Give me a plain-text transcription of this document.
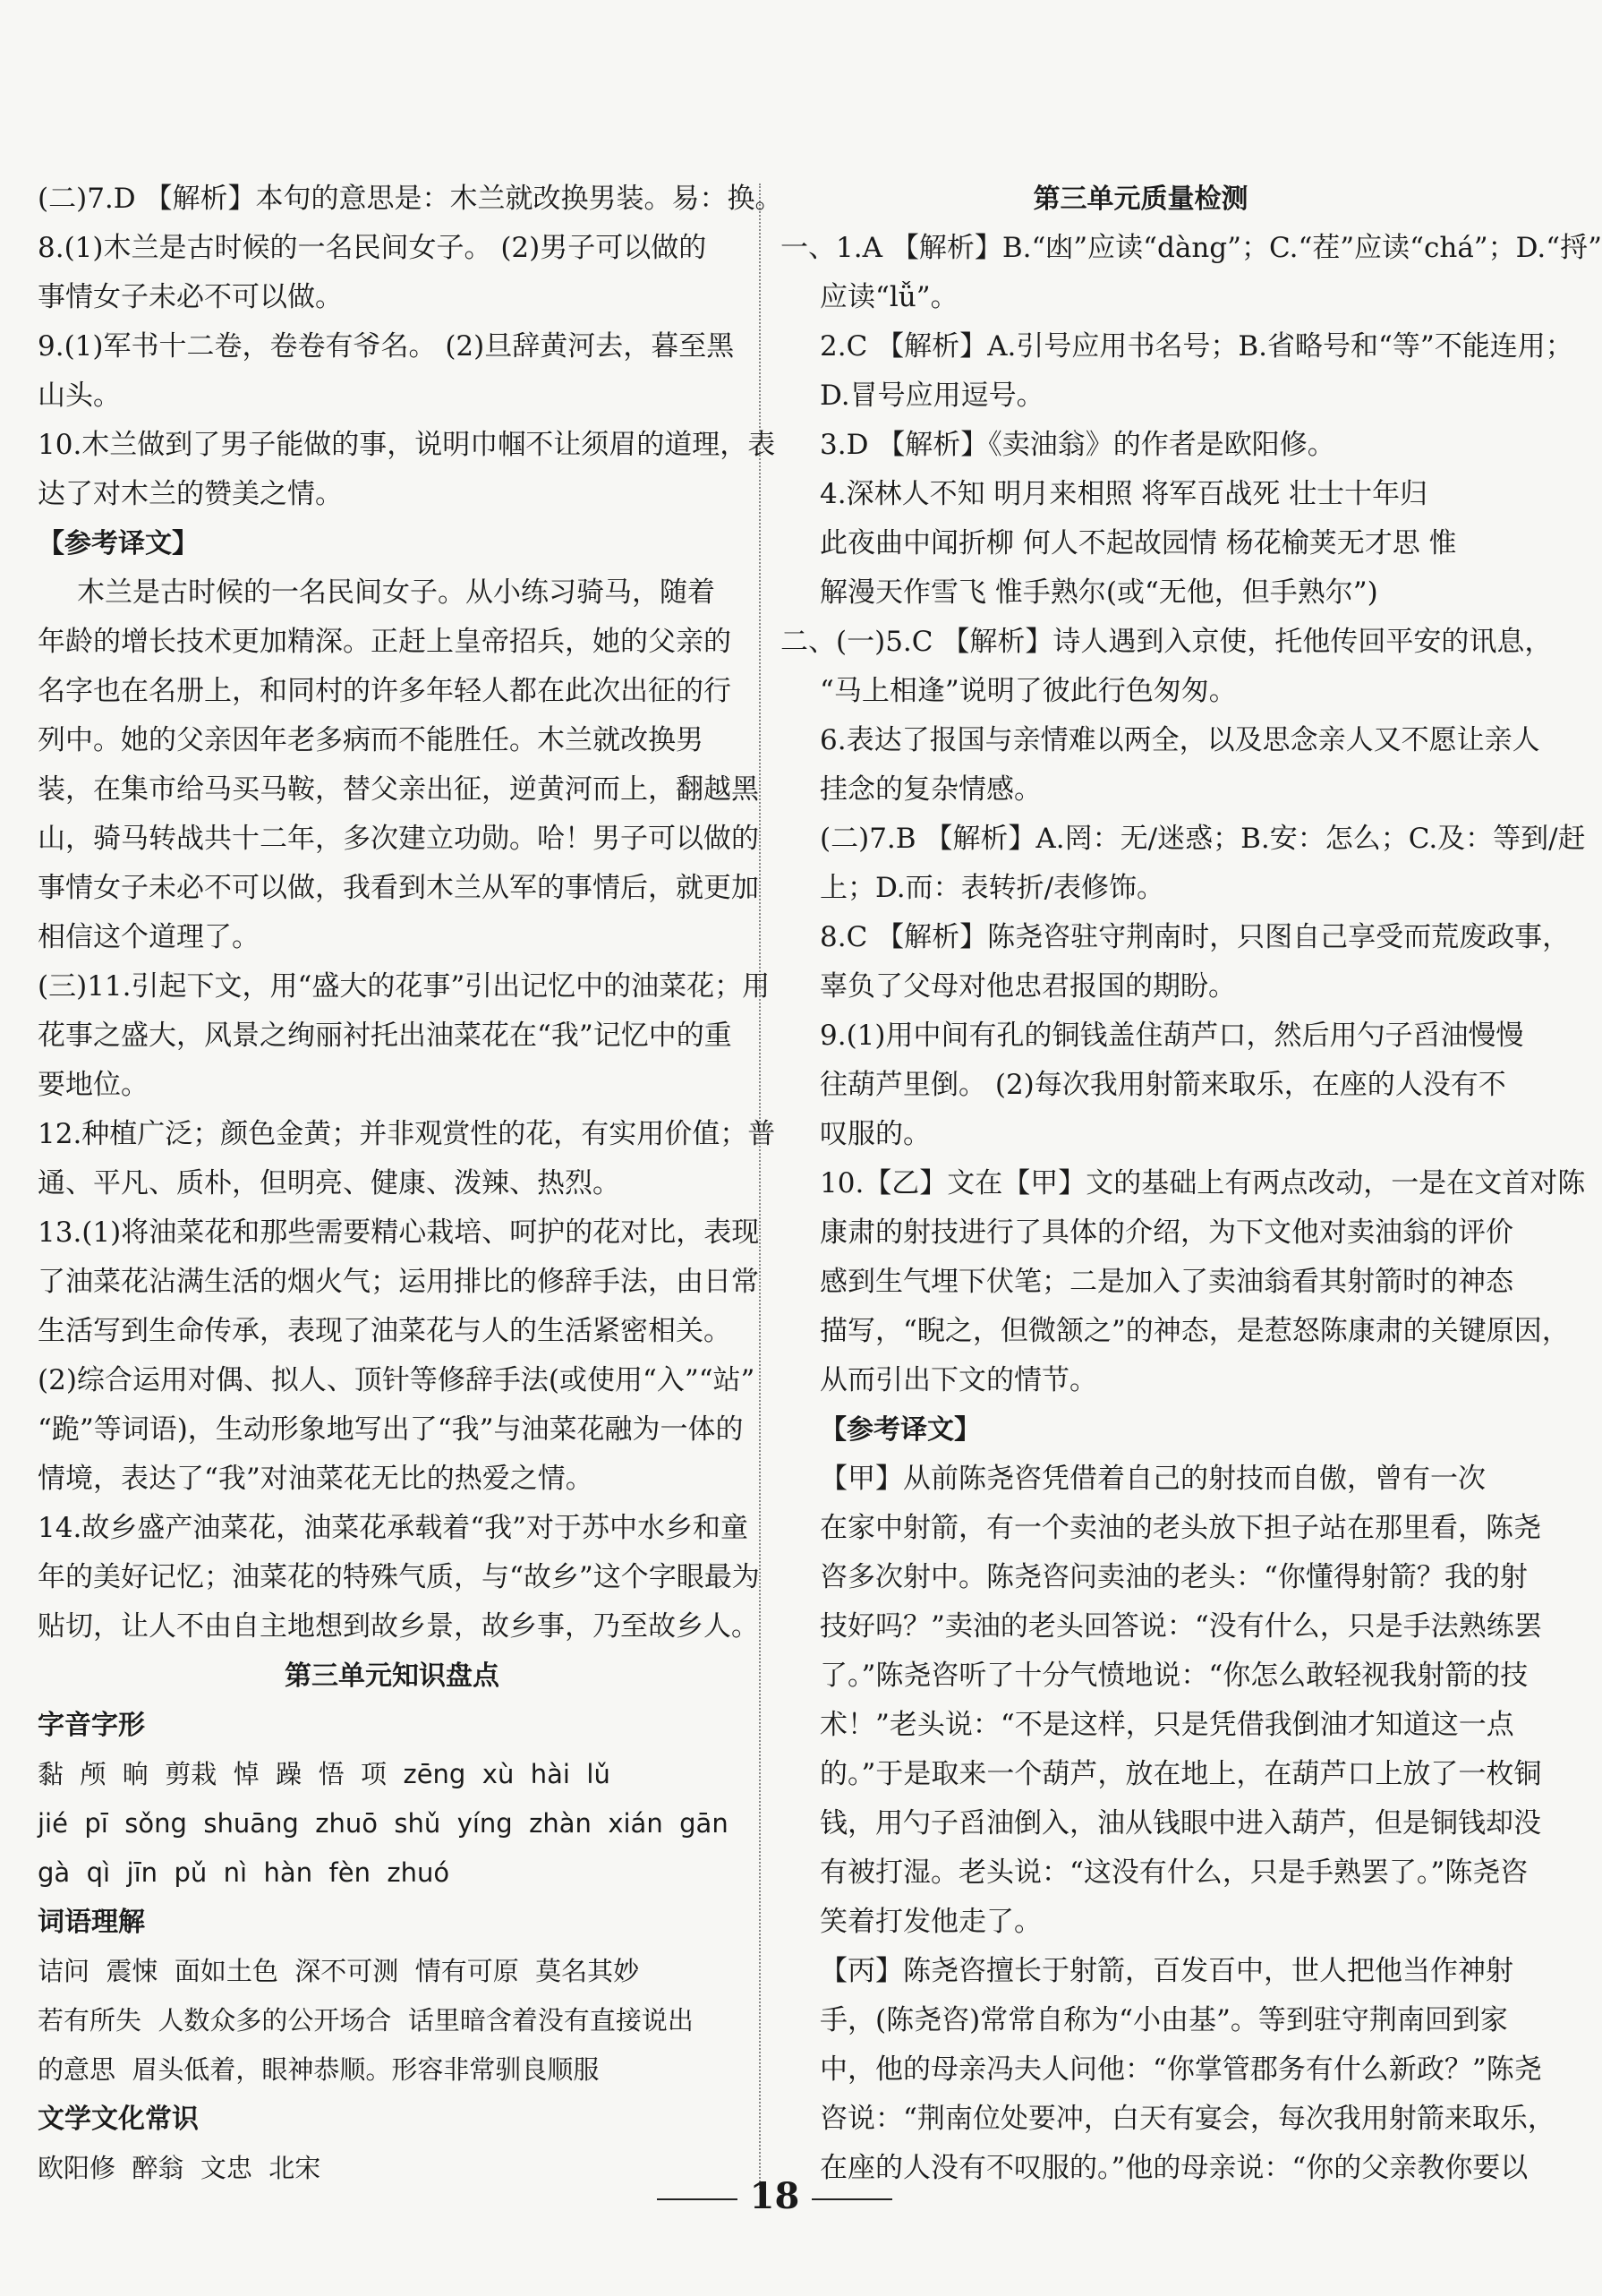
(二)7.D 【解析】本句的意思是：木兰就改换男装。易：换。
8.(1)木兰是古时候的一名民间女子。 (2)男子可以做的
事情女子未必不可以做。
9.(1)军书十二卷，卷卷有爷名。 (2)旦辞黄河去，暮至黑
山头。
10.木兰做到了男子能做的事，说明巾帼不让须眉的道理，表
达了对木兰的赞美之情。
【参考译文】
木兰是古时候的一名民间女子。从小练习骑马，随着
年龄的增长技术更加精深。正赶上皇帝招兵，她的父亲的
名字也在名册上，和同村的许多年轻人都在此次出征的行
列中。她的父亲因年老多病而不能胜任。木兰就改换男
装，在集市给马买马鞍，替父亲出征，逆黄河而上，翻越黑
山，骑马转战共十二年，多次建立功勋。哈！男子可以做的
事情女子未必不可以做，我看到木兰从军的事情后，就更加
相信这个道理了。
(三)11.引起下文，用“盛大的花事”引出记忆中的油菜花；用
花事之盛大，风景之绚丽衬托出油菜花在“我”记忆中的重
要地位。
12.种植广泛；颜色金黄；并非观赏性的花，有实用价值；普
通、平凡、质朴，但明亮、健康、泼辣、热烈。
13.(1)将油菜花和那些需要精心栽培、呵护的花对比，表现
了油菜花沾满生活的烟火气；运用排比的修辞手法，由日常
生活写到生命传承，表现了油菜花与人的生活紧密相关。
(2)综合运用对偶、拟人、顶针等修辞手法(或使用“入”“站”
“跪”等词语)，生动形象地写出了“我”与油菜花融为一体的
情境，表达了“我”对油菜花无比的热爱之情。
14.故乡盛产油菜花，油菜花承载着“我”对于苏中水乡和童
年的美好记忆；油菜花的特殊气质，与“故乡”这个字眼最为
贴切，让人不由自主地想到故乡景，故乡事，乃至故乡人。
第三单元知识盘点
字音字形
黏  颅  晌  剪栽  悼  躁  悟  项  zēng  xù  hài  lǔ
jié  pī  sǒng  shuāng  zhuō  shǔ  yíng  zhàn  xián  gān
gà  qì  jīn  pǔ  nì  hàn  fèn  zhuó
词语理解
诘问  震悚  面如土色  深不可测  情有可原  莫名其妙
若有所失  人数众多的公开场合  话里暗含着没有直接说出
的意思  眉头低着，眼神恭顺。形容非常驯良顺服
文学文化常识
欧阳修  醉翁  文忠  北宋
第三单元质量检测
一、1.A 【解析】B.“凼”应读“dàng”；C.“茬”应读“chá”；D.“捋”
应读“lǚ”。
2.C 【解析】A.引号应用书名号；B.省略号和“等”不能连用；
D.冒号应用逗号。
3.D 【解析】《卖油翁》的作者是欧阳修。
4.深林人不知 明月来相照 将军百战死 壮士十年归
此夜曲中闻折柳 何人不起故园情 杨花榆荚无才思 惟
解漫天作雪飞 惟手熟尔(或“无他，但手熟尔”)
二、(一)5.C 【解析】诗人遇到入京使，托他传回平安的讯息，
“马上相逢”说明了彼此行色匆匆。
6.表达了报国与亲情难以两全，以及思念亲人又不愿让亲人
挂念的复杂情感。
(二)7.B 【解析】A.罔：无/迷惑；B.安：怎么；C.及：等到/赶
上；D.而：表转折/表修饰。
8.C 【解析】陈尧咨驻守荆南时，只图自己享受而荒废政事，
辜负了父母对他忠君报国的期盼。
9.(1)用中间有孔的铜钱盖住葫芦口，然后用勺子舀油慢慢
往葫芦里倒。 (2)每次我用射箭来取乐，在座的人没有不
叹服的。
10.【乙】文在【甲】文的基础上有两点改动，一是在文首对陈
康肃的射技进行了具体的介绍，为下文他对卖油翁的评价
感到生气埋下伏笔；二是加入了卖油翁看其射箭时的神态
描写，“睨之，但微颔之”的神态，是惹怒陈康肃的关键原因，
从而引出下文的情节。
【参考译文】
【甲】从前陈尧咨凭借着自己的射技而自傲，曾有一次
在家中射箭，有一个卖油的老头放下担子站在那里看，陈尧
咨多次射中。陈尧咨问卖油的老头：“你懂得射箭？我的射
技好吗？”卖油的老头回答说：“没有什么，只是手法熟练罢
了。”陈尧咨听了十分气愤地说：“你怎么敢轻视我射箭的技
术！”老头说：“不是这样，只是凭借我倒油才知道这一点
的。”于是取来一个葫芦，放在地上，在葫芦口上放了一枚铜
钱，用勺子舀油倒入，油从钱眼中进入葫芦，但是铜钱却没
有被打湿。老头说：“这没有什么，只是手熟罢了。”陈尧咨
笑着打发他走了。
【丙】陈尧咨擅长于射箭，百发百中，世人把他当作神射
手，(陈尧咨)常常自称为“小由基”。等到驻守荆南回到家
中，他的母亲冯夫人问他：“你掌管郡务有什么新政？”陈尧
咨说：“荆南位处要冲，白天有宴会，每次我用射箭来取乐，
在座的人没有不叹服的。”他的母亲说：“你的父亲教你要以
18
